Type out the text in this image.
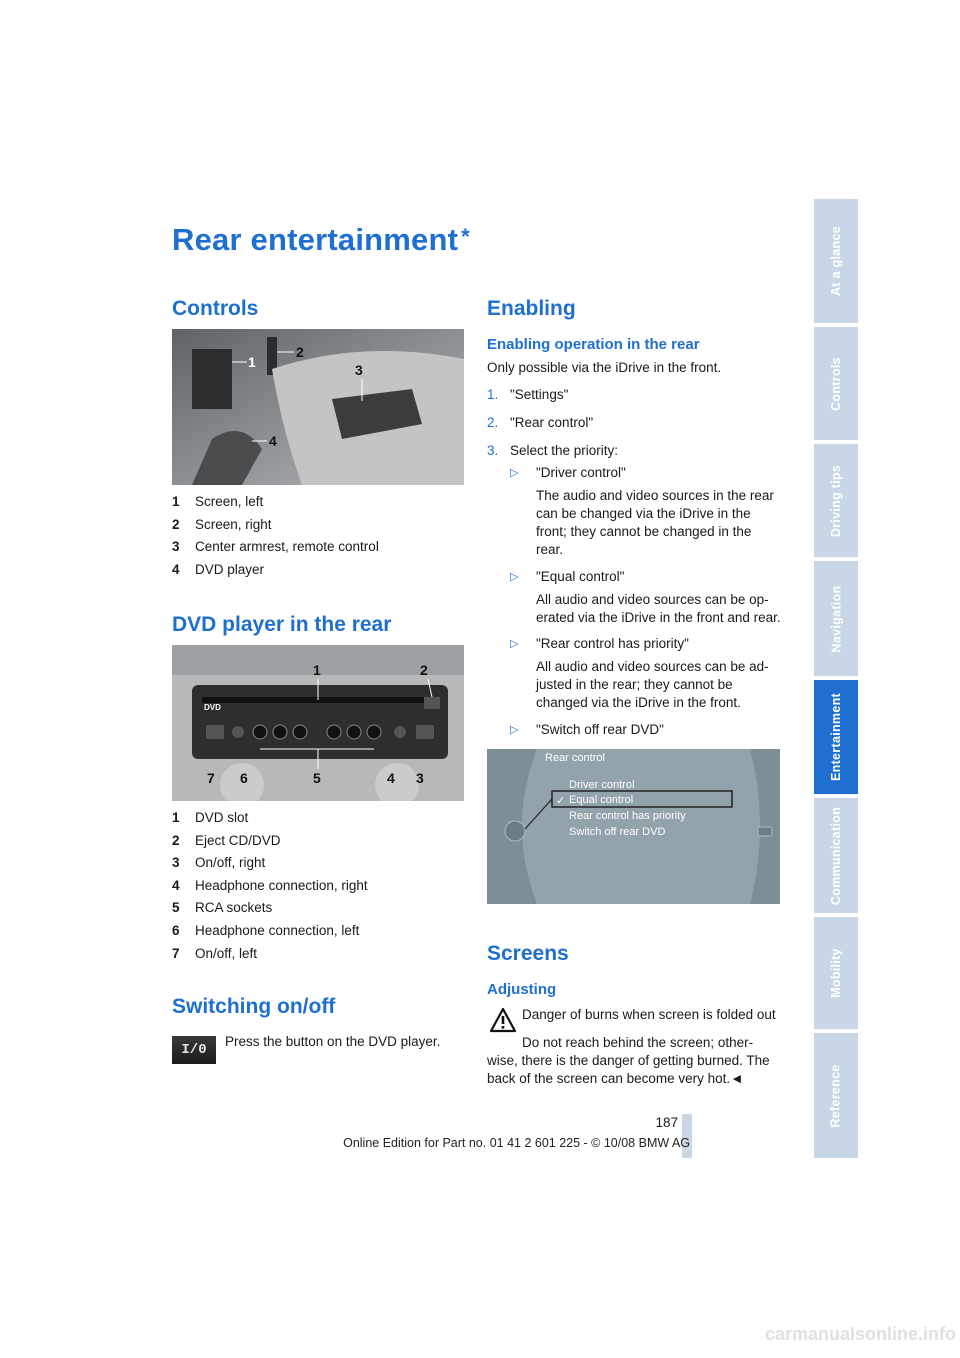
Rear entertainment *
Controls
1
2
3
4
1	Screen, left
2	Screen, right
3	Center armrest, remote control
4	DVD player
DVD player in the rear
1	2
7 6	5	4 3
DVD
1	DVD slot
2	Eject CD/DVD
3	On/off, right
4	Headphone connection, right
5	RCA sockets
6	Headphone connection, left
7	On/off, left
Switching on/off
I/0
Press the button on the DVD player.
Enabling
Enabling operation in the rear
Only possible via the iDrive in the front.
1. "Settings"
2. "Rear control"
3. Select the priority:
▷ "Driver control"
The audio and video sources in the rear can be changed via the iDrive in the front; they cannot be changed in the rear.
▷ "Equal control"
All audio and video sources can be op-erated via the iDrive in the front and rear.
▷ "Rear control has priority"
All audio and video sources can be ad-justed in the rear; they cannot be changed via the iDrive in the front.
▷ "Switch off rear DVD"
Rear control
Driver control
✓ Equal control
Rear control has priority
Switch off rear DVD
Screens
Adjusting
Danger of burns when screen is folded out
Do not reach behind the screen; other-
wise, there is the danger of getting burned. The back of the screen can become very hot.◄
At a glance
Controls
Driving tips
Navigation
Entertainment
Communication
Mobility
Reference
187
Online Edition for Part no. 01 41 2 601 225 - © 10/08 BMW AG
carmanualsonline.info
